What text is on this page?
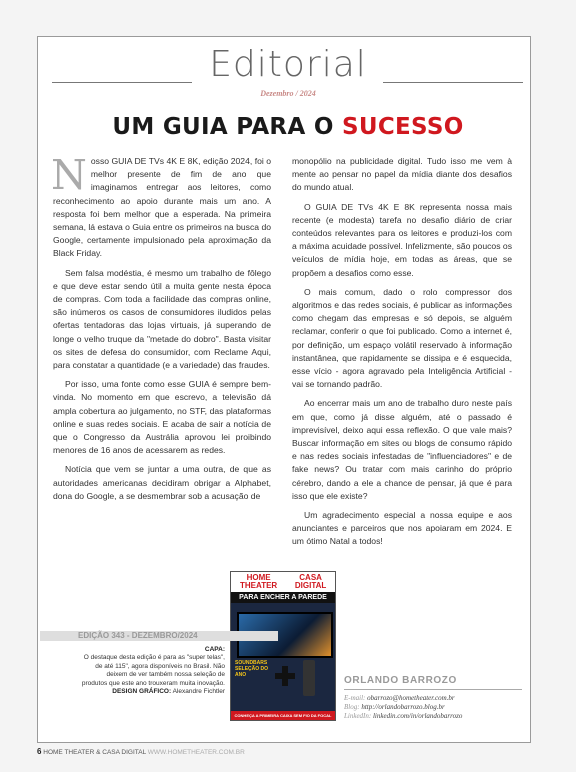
Editorial
Dezembro / 2024
UM GUIA PARA O SUCESSO

Nosso GUIA DE TVs 4K E 8K, edição 2024, foi o melhor presente de fim de ano que imaginamos entregar aos leitores, como reconhecimento ao apoio durante mais um ano. A resposta foi bem melhor que a esperada. Na primeira semana, lá estava o Guia entre os primeiros na busca do Google, certamente impulsionado pela aproximação da Black Friday.

Sem falsa modéstia, é mesmo um trabalho de fôlego e que deve estar sendo útil a muita gente nesta época de compras. Com toda a facilidade das compras online, são inúmeros os casos de consumidores iludidos pelas ofertas tentadoras das lojas virtuais, já superando de longe o velho truque da "metade do dobro". Basta visitar os sites de defesa do consumidor, com Reclame Aqui, para constatar a quantidade (e a variedade) das fraudes.

Por isso, uma fonte como esse GUIA é sempre bem-vinda. No momento em que escrevo, a televisão dá ampla cobertura ao julgamento, no STF, das plataformas online e suas redes sociais. E acaba de sair a notícia de que o Congresso da Austrália aprovou lei proibindo menores de 16 anos de acessarem as redes.

Notícia que vem se juntar a uma outra, de que as autoridades americanas decidiram obrigar a Alphabet, dona do Google, a se desmembrar sob a acusação de

monopólio na publicidade digital. Tudo isso me vem à mente ao pensar no papel da mídia diante dos desafios do mundo atual.

O GUIA DE TVs 4K E 8K representa nossa mais recente (e modesta) tarefa no desafio diário de criar conteúdos relevantes para os leitores e produzi-los com a máxima acuidade possível. Infelizmente, são poucos os veículos de mídia hoje, em todas as áreas, que se propõem a desafios como esse.

O mais comum, dado o rolo compressor dos algoritmos e das redes sociais, é publicar as informações como chegam das empresas e só depois, se alguém reclamar, conferir o que foi publicado. Como a internet é, por definição, um espaço volátil reservado à informação instantânea, que rapidamente se dissipa e é esquecida, esse vício - agora agravado pela Inteligência Artificial - vai se tornando padrão.

Ao encerrar mais um ano de trabalho duro neste país em que, como já disse alguém, até o passado é imprevisível, deixo aqui essa reflexão. O que vale mais? Buscar informação em sites ou blogs de consumo rápido e nas redes sociais infestadas de "influenciadores" e de fake news? Ou tratar com mais carinho do próprio cérebro, dando a ele a chance de pensar, já que é para isso que ele existe?

Um agradecimento especial a nossa equipe e aos anunciantes e parceiros que nos apoiaram em 2024. E um ótimo Natal a todos!

HOME THEATER
CASA DIGITAL
PARA ENCHER A PAREDE
SOUNDBARS SELEÇÃO DO ANO
CONHEÇA A PRIMEIRA CAIXA SEM FIO DA FOCAL
EDIÇÃO 343 - DEZEMBRO/2024
CAPA:
O destaque desta edição é para as "super telas", de até 115", agora disponíveis no Brasil. Não deixem de ver também nossa seleção de produtos que este ano trouxeram muita inovação.
DESIGN GRÁFICO: Alexandre Fichtler
ORLANDO BARROZO
E-mail: obarrozo@hometheater.com.br
Blog: http://orlandobarrozo.blog.br
LinkedIn: linkedin.com/in/orlandobarrozo
6 HOME THEATER & CASA DIGITAL WWW.HOMETHEATER.COM.BR
